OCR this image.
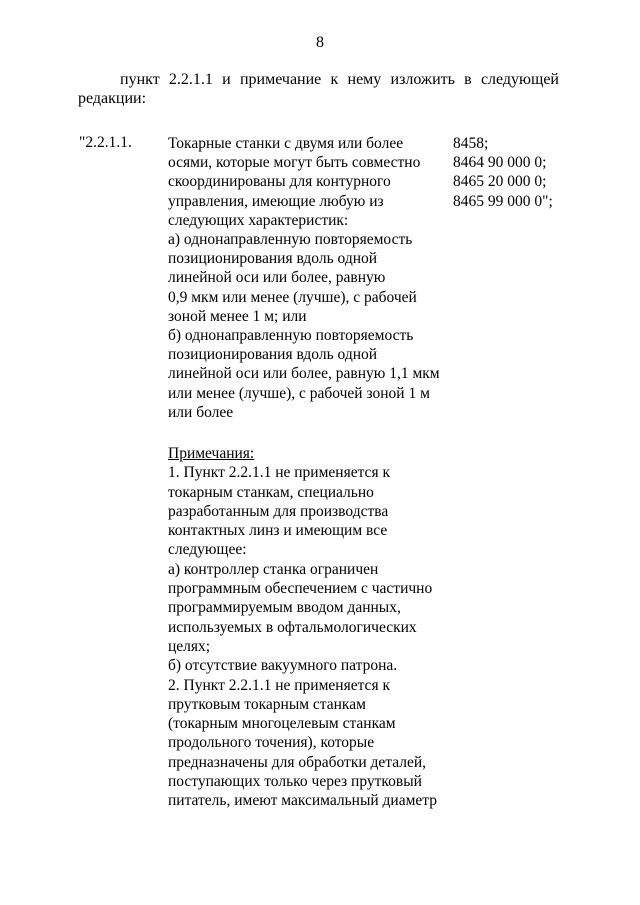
8
пункт 2.2.1.1 и примечание к нему изложить в следующей
редакции:
"2.2.1.1. Токарные станки с двумя или более
осями, которые могут быть совместно
скоординированы для контурного
управления, имеющие любую из
следующих характеристик:
а) однонаправленную повторяемость
позиционирования вдоль одной
линейной оси или более, равную
0,9 мкм или менее (лучше), с рабочей
зоной менее 1 м; или
б) однонаправленную повторяемость
позиционирования вдоль одной
линейной оси или более, равную 1,1 мкм
или менее (лучше), с рабочей зоной 1 м
или более
8458;
8464 90 000 0;
8465 20 000 0;
8465 99 000 0";
Примечания:
1. Пункт 2.2.1.1 не применяется к
токарным станкам, специально
разработанным для производства
контактных линз и имеющим все
следующее:
а) контроллер станка ограничен
программным обеспечением с частично
программируемым вводом данных,
используемых в офтальмологических
целях;
б) отсутствие вакуумного патрона.
2. Пункт 2.2.1.1 не применяется к
прутковым токарным станкам
(токарным многоцелевым станкам
продольного точения), которые
предназначены для обработки деталей,
поступающих только через прутковый
питатель, имеют максимальный диаметр
